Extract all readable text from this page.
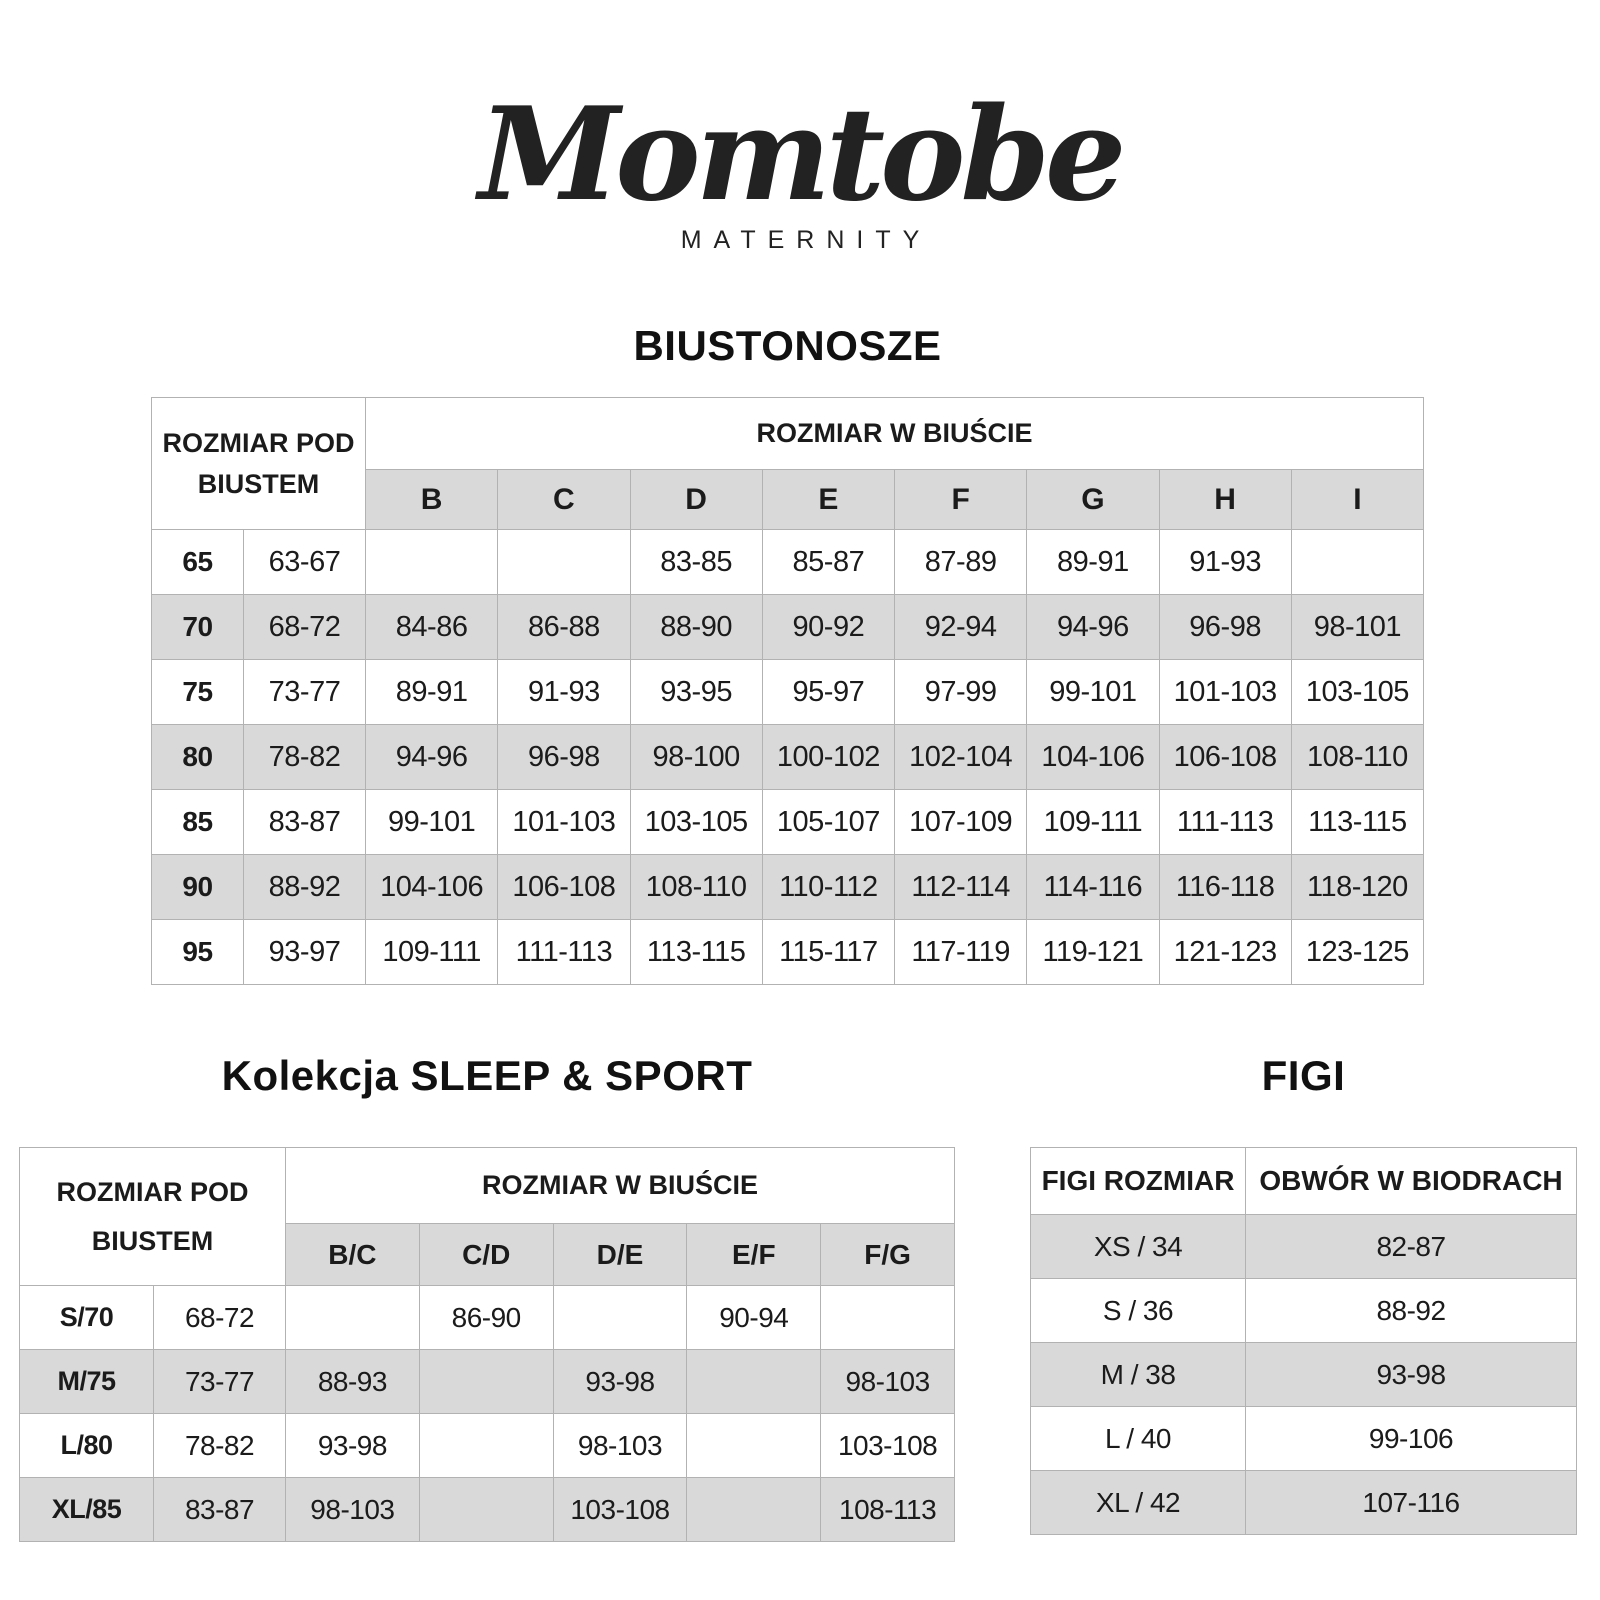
Momtobe
MATERNITY
BIUSTONOSZE
ROZMIAR POD BIUSTEM		ROZMIAR W BIUŚCIE							
		B	C	D	E	F	G	H	I
65	63-67			83-85	85-87	87-89	89-91	91-93	
70	68-72	84-86	86-88	88-90	90-92	92-94	94-96	96-98	98-101
75	73-77	89-91	91-93	93-95	95-97	97-99	99-101	101-103	103-105
80	78-82	94-96	96-98	98-100	100-102	102-104	104-106	106-108	108-110
85	83-87	99-101	101-103	103-105	105-107	107-109	109-111	111-113	113-115
90	88-92	104-106	106-108	108-110	110-112	112-114	114-116	116-118	118-120
95	93-97	109-111	111-113	113-115	115-117	117-119	119-121	121-123	123-125
Kolekcja SLEEP & SPORT
ROZMIAR POD BIUSTEM		ROZMIAR W BIUŚCIE				
		B/C	C/D	D/E	E/F	F/G
S/70	68-72		86-90		90-94	
M/75	73-77	88-93		93-98		98-103
L/80	78-82	93-98		98-103		103-108
XL/85	83-87	98-103		103-108		108-113
FIGI
FIGI ROZMIAR	OBWÓR W BIODRACH
XS / 34	82-87
S / 36	88-92
M / 38	93-98
L / 40	99-106
XL / 42	107-116
